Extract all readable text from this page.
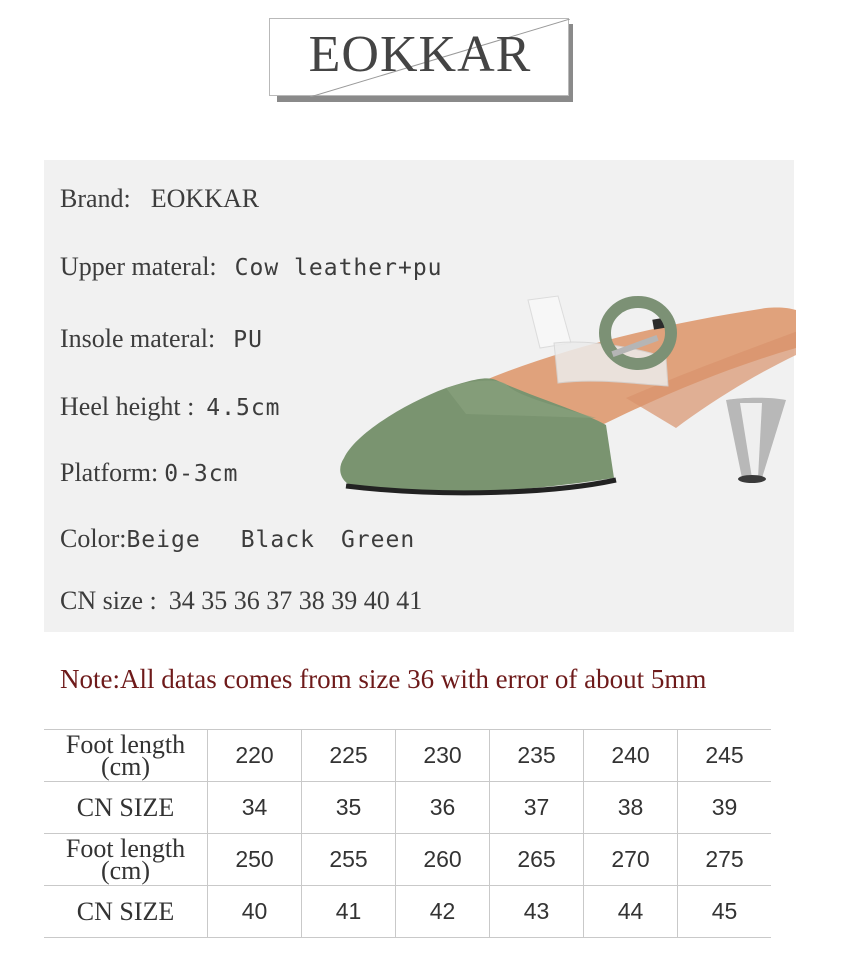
EOKKAR
Brand: EOKKAR
Upper materal: Cow leather+pu
Insole materal: PU
Heel height : 4.5cm
Platform: 0-3cm
Color:Beige Black Green
CN size : 34 35 36 37 38 39 40 41
Note:All datas comes from size 36 with error of about 5mm
Foot length
(cm)	220	225	230	235	240	245
CN SIZE	34	35	36	37	38	39
Foot length
(cm)	250	255	260	265	270	275
CN SIZE	40	41	42	43	44	45
